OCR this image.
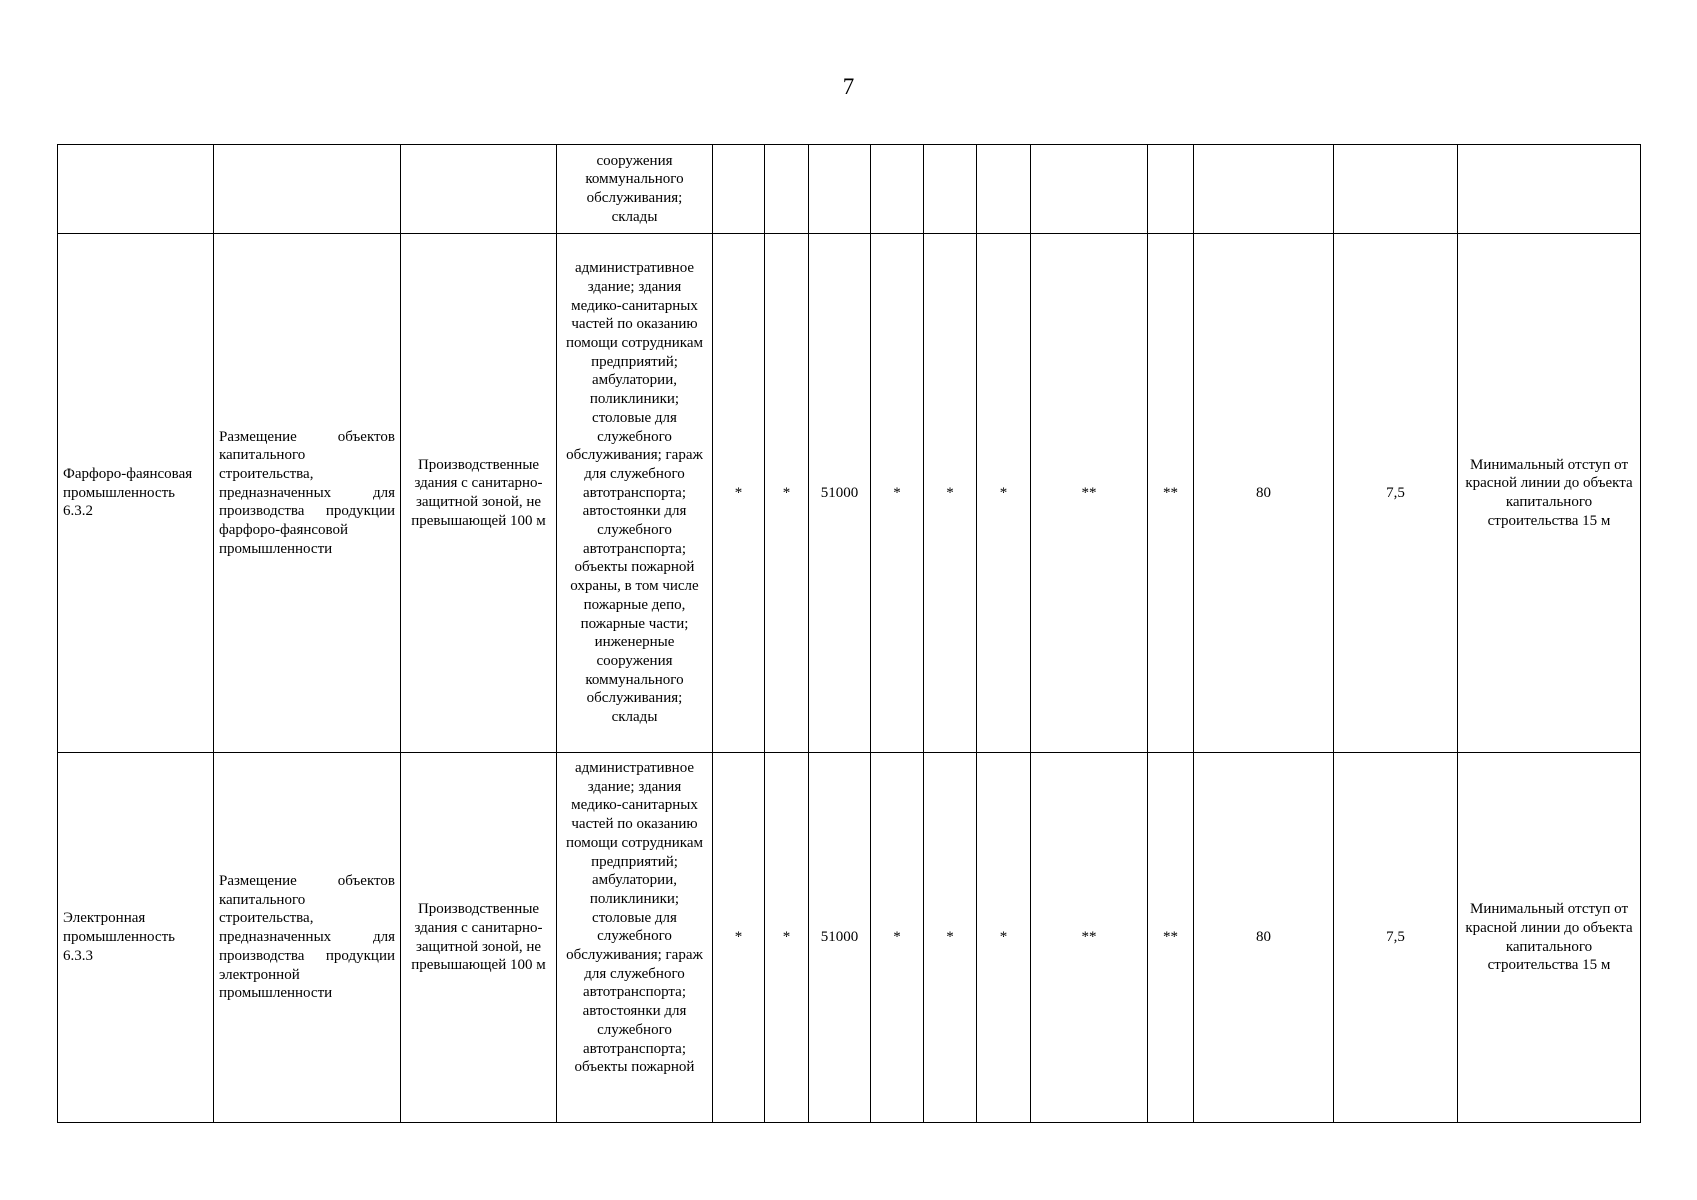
7
			сооружения коммунального обслуживания; склады											
Фарфоро-фаянсовая промышленность 6.3.2	Размещение объектов капитального строительства, предназначенных для производства продукции фарфоро-фаянсовой промышленности	Производственные здания с санитарно-защитной зоной, не превышающей 100 м	административное здание; здания медико-санитарных частей по оказанию помощи сотрудникам предприятий; амбулатории, поликлиники; столовые для служебного обслуживания; гараж для служебного автотранспорта; автостоянки для служебного автотранспорта; объекты пожарной охраны, в том числе пожарные депо, пожарные части; инженерные сооружения коммунального обслуживания; склады	*	*	51000	*	*	*	**	**	80	7,5	Минимальный отступ от красной линии до объекта капитального строительства 15 м
Электронная промышленность 6.3.3	Размещение объектов капитального строительства, предназначенных для производства продукции электронной промышленности	Производственные здания с санитарно-защитной зоной, не превышающей 100 м	административное здание; здания медико-санитарных частей по оказанию помощи сотрудникам предприятий; амбулатории, поликлиники; столовые для служебного обслуживания; гараж для служебного автотранспорта; автостоянки для служебного автотранспорта; объекты пожарной	*	*	51000	*	*	*	**	**	80	7,5	Минимальный отступ от красной линии до объекта капитального строительства 15 м
